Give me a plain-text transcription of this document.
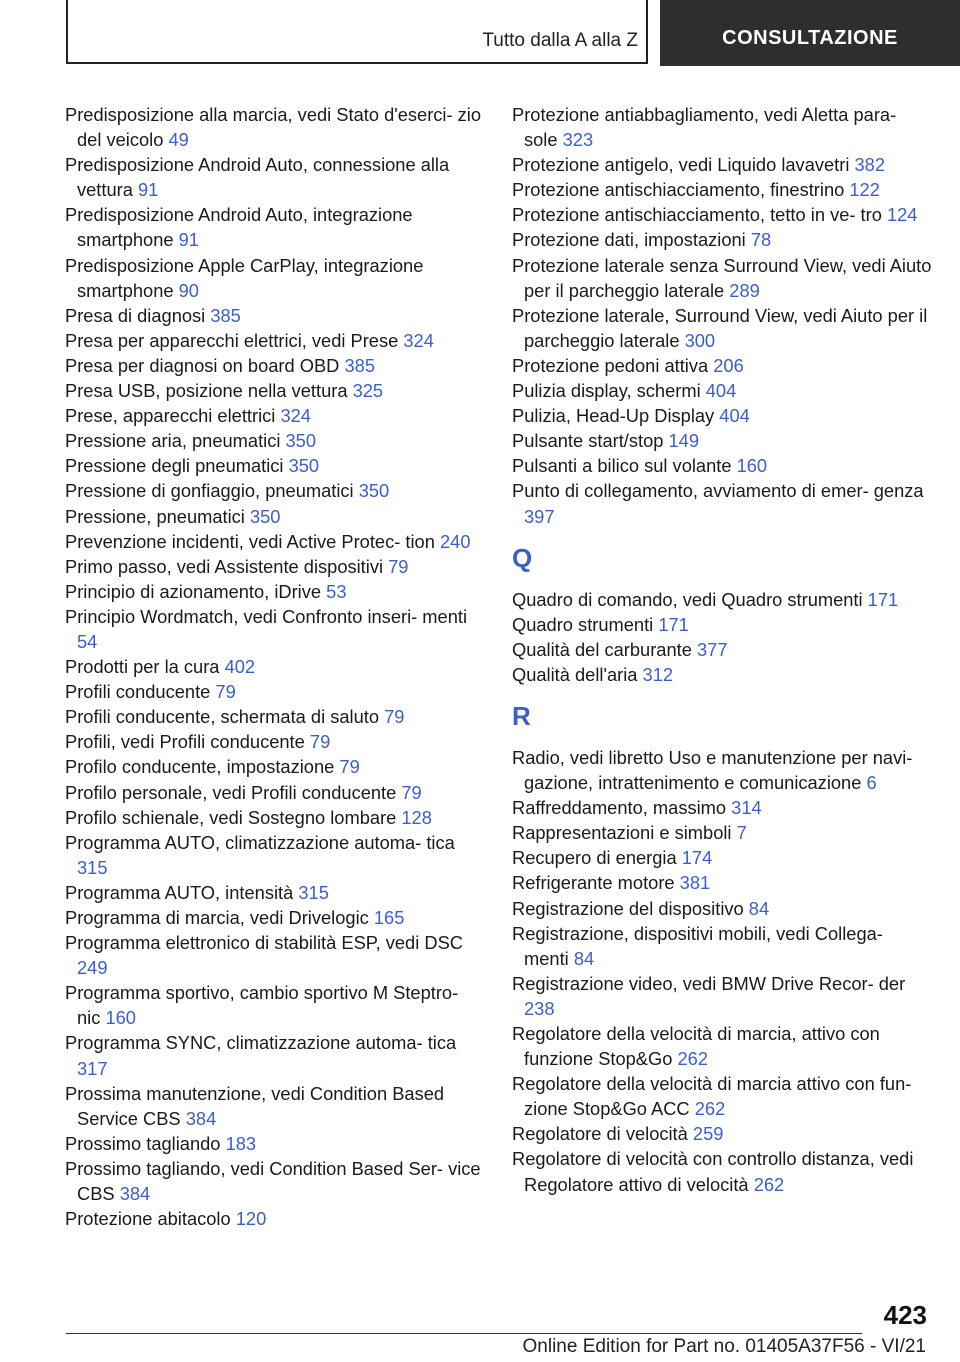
Tutto dalla A alla Z	CONSULTAZIONE
Predisposizione alla marcia, vedi Stato d'eserci- zio del veicolo 49
Predisposizione Android Auto, connessione alla vettura 91
Predisposizione Android Auto, integrazione smartphone 91
Predisposizione Apple CarPlay, integrazione smartphone 90
Presa di diagnosi 385
Presa per apparecchi elettrici, vedi Prese 324
Presa per diagnosi on board OBD 385
Presa USB, posizione nella vettura 325
Prese, apparecchi elettrici 324
Pressione aria, pneumatici 350
Pressione degli pneumatici 350
Pressione di gonfiaggio, pneumatici 350
Pressione, pneumatici 350
Prevenzione incidenti, vedi Active Protec- tion 240
Primo passo, vedi Assistente dispositivi 79
Principio di azionamento, iDrive 53
Principio Wordmatch, vedi Confronto inseri- menti 54
Prodotti per la cura 402
Profili conducente 79
Profili conducente, schermata di saluto 79
Profili, vedi Profili conducente 79
Profilo conducente, impostazione 79
Profilo personale, vedi Profili conducente 79
Profilo schienale, vedi Sostegno lombare 128
Programma AUTO, climatizzazione automa- tica 315
Programma AUTO, intensità 315
Programma di marcia, vedi Drivelogic 165
Programma elettronico di stabilità ESP, vedi DSC 249
Programma sportivo, cambio sportivo M Steptro- nic 160
Programma SYNC, climatizzazione automa- tica 317
Prossima manutenzione, vedi Condition Based Service CBS 384
Prossimo tagliando 183
Prossimo tagliando, vedi Condition Based Ser- vice CBS 384
Protezione abitacolo 120
Protezione antiabbagliamento, vedi Aletta para- sole 323
Protezione antigelo, vedi Liquido lavavetri 382
Protezione antischiacciamento, finestrino 122
Protezione antischiacciamento, tetto in ve- tro 124
Protezione dati, impostazioni 78
Protezione laterale senza Surround View, vedi Aiuto per il parcheggio laterale 289
Protezione laterale, Surround View, vedi Aiuto per il parcheggio laterale 300
Protezione pedoni attiva 206
Pulizia display, schermi 404
Pulizia, Head-Up Display 404
Pulsante start/stop 149
Pulsanti a bilico sul volante 160
Punto di collegamento, avviamento di emer- genza 397
Q
Quadro di comando, vedi Quadro strumenti 171
Quadro strumenti 171
Qualità del carburante 377
Qualità dell'aria 312
R
Radio, vedi libretto Uso e manutenzione per navi- gazione, intrattenimento e comunicazione 6
Raffreddamento, massimo 314
Rappresentazioni e simboli 7
Recupero di energia 174
Refrigerante motore 381
Registrazione del dispositivo 84
Registrazione, dispositivi mobili, vedi Collega- menti 84
Registrazione video, vedi BMW Drive Recor- der 238
Regolatore della velocità di marcia, attivo con funzione Stop&Go 262
Regolatore della velocità di marcia attivo con fun- zione Stop&Go ACC 262
Regolatore di velocità 259
Regolatore di velocità con controllo distanza, vedi Regolatore attivo di velocità 262
423
Online Edition for Part no. 01405A37F56 - VI/21
